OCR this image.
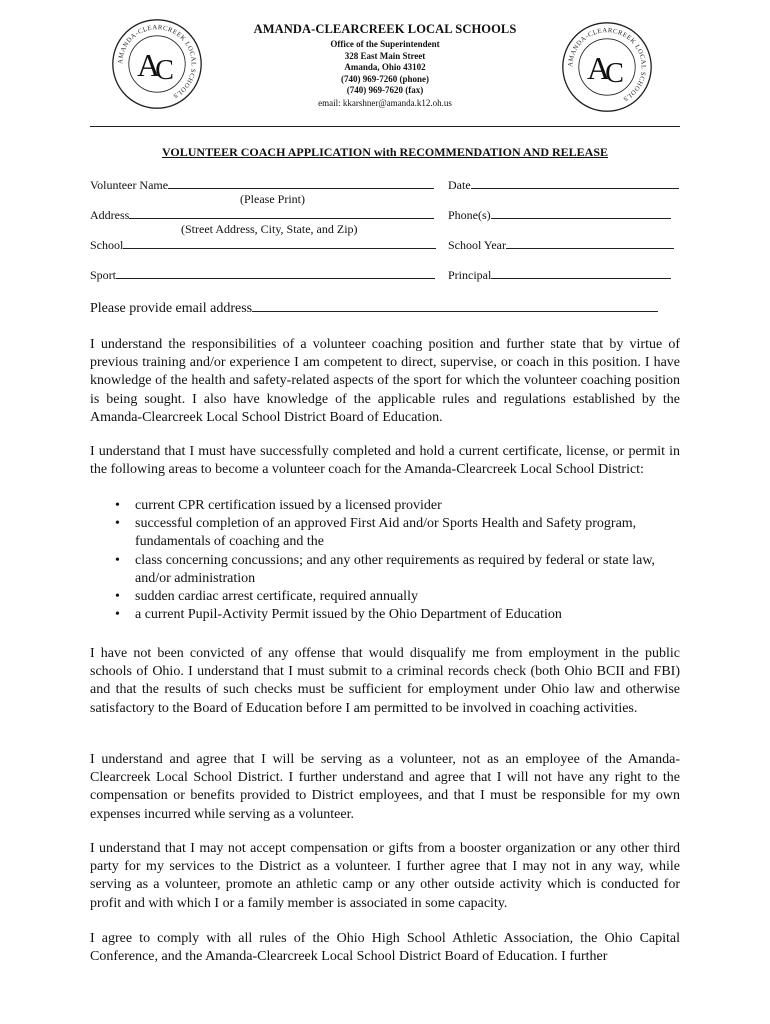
AMANDA-CLEARCREEK LOCAL SCHOOLS
A
C	AMANDA-CLEARCREEK LOCAL SCHOOLS
A
C
AMANDA-CLEARCREEK LOCAL SCHOOLS
Office of the Superintendent
328 East Main Street
Amanda, Ohio 43102
(740) 969-7260 (phone)
(740) 969-7620 (fax)
email: kkarshner@amanda.k12.oh.us
VOLUNTEER COACH APPLICATION with RECOMMENDATION AND RELEASE
Volunteer Name	Date
(Please Print)
Address	Phone(s)
(Street Address, City, State, and Zip)
School	School Year
Sport	Principal
Please provide email address

I understand the responsibilities of a volunteer coaching position and further state that by virtue of previous training and/or experience I am competent to direct, supervise, or coach in this position. I have knowledge of the health and safety-related aspects of the sport for which the volunteer coaching position is being sought. I also have knowledge of the applicable rules and regulations established by the Amanda-Clearcreek Local School District Board of Education.

I understand that I must have successfully completed and hold a current certificate, license, or permit in the following areas to become a volunteer coach for the Amanda-Clearcreek Local School District:

• current CPR certification issued by a licensed provider
• successful completion of an approved First Aid and/or Sports Health and Safety program, fundamentals of coaching and the
• class concerning concussions; and any other requirements as required by federal or state law, and/or administration
• sudden cardiac arrest certificate, required annually
• a current Pupil-Activity Permit issued by the Ohio Department of Education

I have not been convicted of any offense that would disqualify me from employment in the public schools of Ohio. I understand that I must submit to a criminal records check (both Ohio BCII and FBI) and that the results of such checks must be sufficient for employment under Ohio law and otherwise satisfactory to the Board of Education before I am permitted to be involved in coaching activities.

I understand and agree that I will be serving as a volunteer, not as an employee of the Amanda-Clearcreek Local School District. I further understand and agree that I will not have any right to the compensation or benefits provided to District employees, and that I must be responsible for my own expenses incurred while serving as a volunteer.

I understand that I may not accept compensation or gifts from a booster organization or any other third party for my services to the District as a volunteer. I further agree that I may not in any way, while serving as a volunteer, promote an athletic camp or any other outside activity which is conducted for profit and with which I or a family member is associated in some capacity.

I agree to comply with all rules of the Ohio High School Athletic Association, the Ohio Capital Conference, and the Amanda-Clearcreek Local School District Board of Education. I further
